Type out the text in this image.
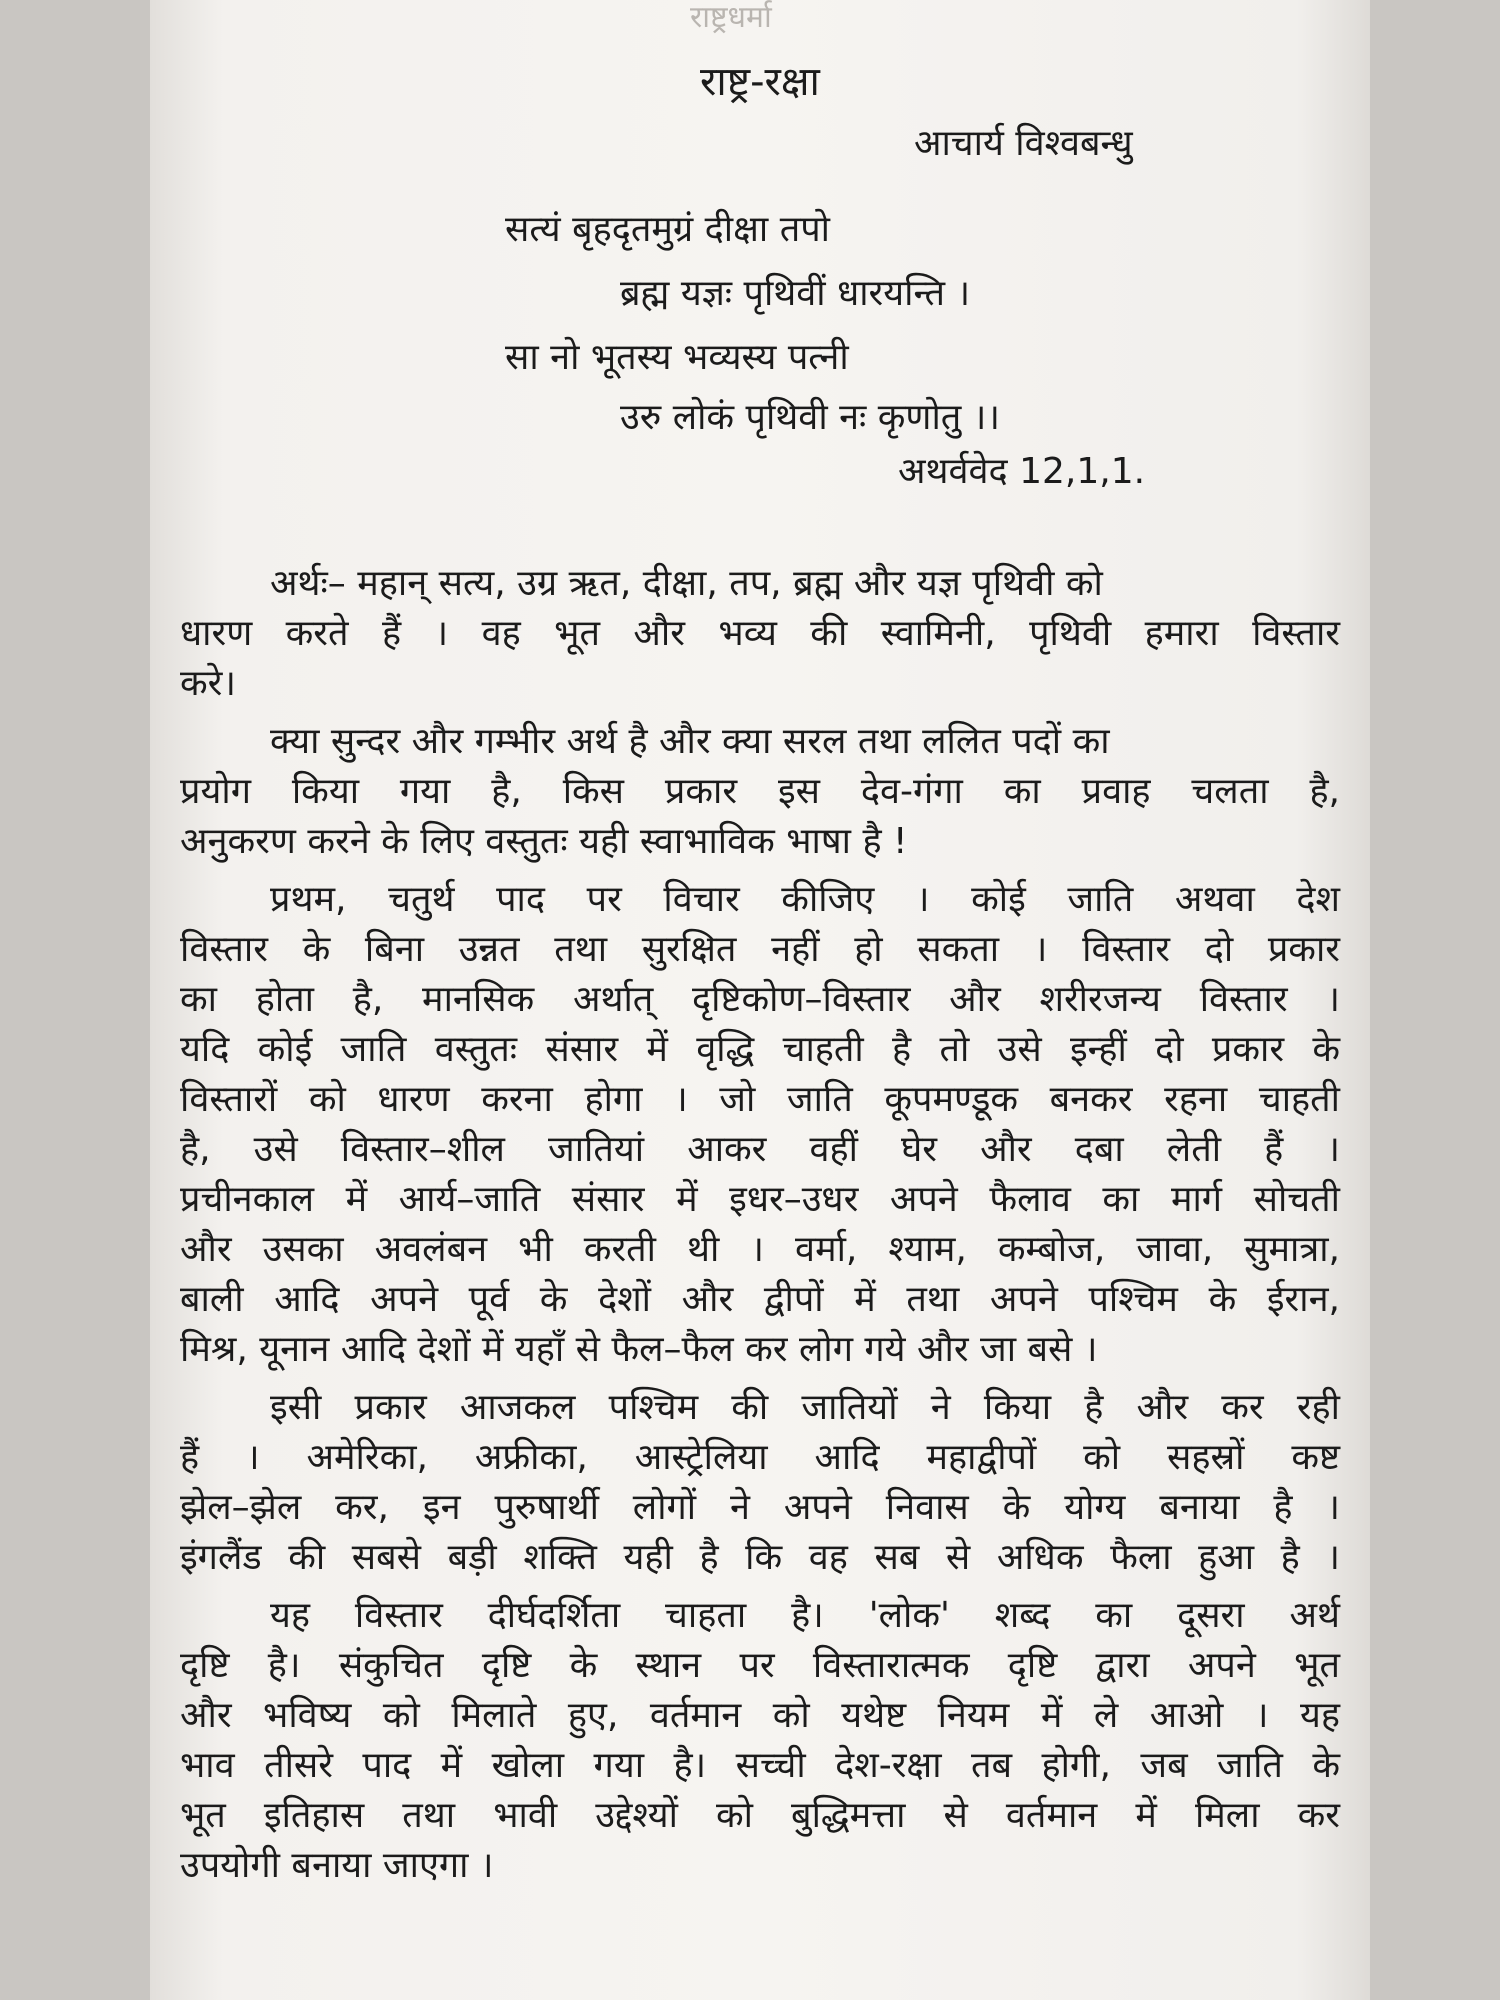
राष्ट्रधर्मा
राष्ट्र-रक्षा
आचार्य विश्वबन्धु
सत्यं बृहदृतमुग्रं दीक्षा तपो
ब्रह्म यज्ञः पृथिवीं धारयन्ति ।
सा नो भूतस्य भव्यस्य पत्नी
उरु लोकं पृथिवी नः कृणोतु ।।
अथर्ववेद 12,1,1.
अर्थः– महान् सत्य, उग्र ऋत, दीक्षा, तप, ब्रह्म और यज्ञ पृथिवी को
धारण करते हैं । वह भूत और भव्य की स्वामिनी, पृथिवी हमारा विस्तार
करे।
क्या सुन्दर और गम्भीर अर्थ है और क्या सरल तथा ललित पदों का
प्रयोग किया गया है, किस प्रकार इस देव-गंगा का प्रवाह चलता है,
अनुकरण करने के लिए वस्तुतः यही स्वाभाविक भाषा है !
प्रथम, चतुर्थ पाद पर विचार कीजिए । कोई जाति अथवा देश
विस्तार के बिना उन्नत तथा सुरक्षित नहीं हो सकता । विस्तार दो प्रकार
का होता है, मानसिक अर्थात् दृष्टिकोण–विस्तार और शरीरजन्य विस्तार ।
यदि कोई जाति वस्तुतः संसार में वृद्धि चाहती है तो उसे इन्हीं दो प्रकार के
विस्तारों को धारण करना होगा । जो जाति कूपमण्डूक बनकर रहना चाहती
है, उसे विस्तार–शील जातियां आकर वहीं घेर और दबा लेती हैं ।
प्रचीनकाल में आर्य–जाति संसार में इधर–उधर अपने फैलाव का मार्ग सोचती
और उसका अवलंबन भी करती थी । वर्मा, श्याम, कम्बोज, जावा, सुमात्रा,
बाली आदि अपने पूर्व के देशों और द्वीपों में तथा अपने पश्चिम के ईरान,
मिश्र, यूनान आदि देशों में यहाँ से फैल–फैल कर लोग गये और जा बसे ।
इसी प्रकार आजकल पश्चिम की जातियों ने किया है और कर रही
हैं । अमेरिका, अफ्रीका, आस्ट्रेलिया आदि महाद्वीपों को सहस्रों कष्ट
झेल–झेल कर, इन पुरुषार्थी लोगों ने अपने निवास के योग्य बनाया है ।
इंगलैंड की सबसे बड़ी शक्ति यही है कि वह सब से अधिक फैला हुआ है ।
यह विस्तार दीर्घदर्शिता चाहता है। 'लोक' शब्द का दूसरा अर्थ
दृष्टि है। संकुचित दृष्टि के स्थान पर विस्तारात्मक दृष्टि द्वारा अपने भूत
और भविष्य को मिलाते हुए, वर्तमान को यथेष्ट नियम में ले आओ । यह
भाव तीसरे पाद में खोला गया है। सच्ची देश-रक्षा तब होगी, जब जाति के
भूत इतिहास तथा भावी उद्देश्यों को बुद्धिमत्ता से वर्तमान में मिला कर
उपयोगी बनाया जाएगा ।
